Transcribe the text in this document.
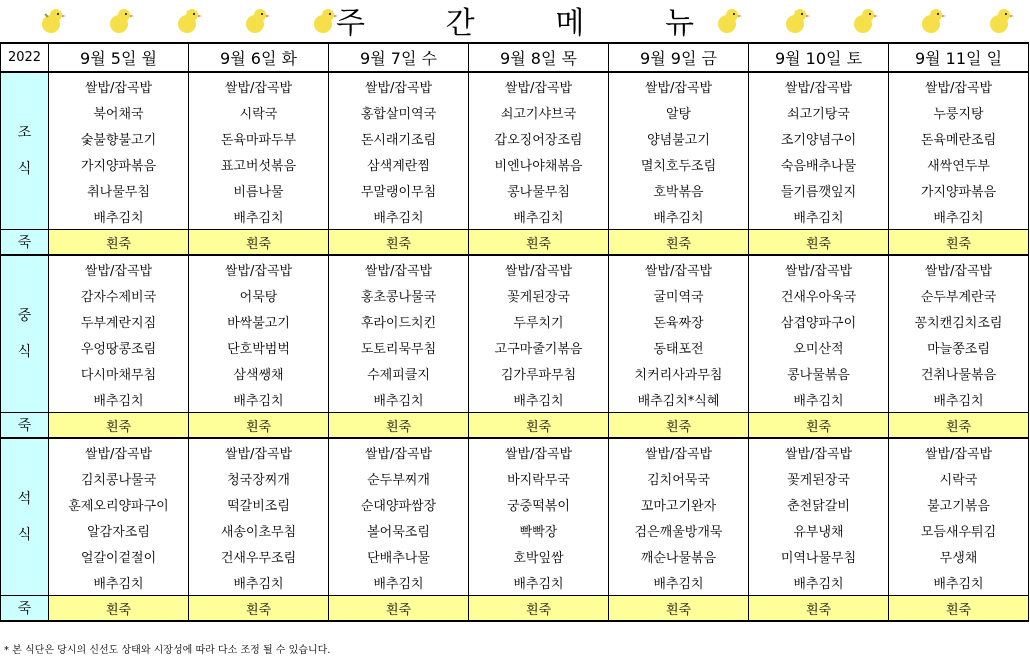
주	간	메	뉴
2022	9월 5일 월	9월 6일 화	9월 7일 수	9월 8일 목	9월 9일 금	9월 10일 토	9월 11일 일

조
식	쌀밥/잡곡밥	쌀밥/잡곡밥	쌀밥/잡곡밥	쌀밥/잡곡밥	쌀밥/잡곡밥	쌀밥/잡곡밥	쌀밥/잡곡밥
	북어채국	시락국	홍합살미역국	쇠고기샤브국	알탕	쇠고기탕국	누룽지탕
	숯불향불고기	돈육마파두부	돈시래기조림	갑오징어장조림	양념불고기	조기양념구이	돈육메란조림
	가지양파볶음	표고버섯볶음	삼색계란찜	비엔나야채볶음	멸치호두조림	숙음배추나물	새싹연두부
	취나물무침	비름나물	무말랭이무침	콩나물무침	호박볶음	들기름깻잎지	가지양파볶음
	배추김치	배추김치	배추김치	배추김치	배추김치	배추김치	배추김치
죽	흰죽	흰죽	흰죽	흰죽	흰죽	흰죽	흰죽

중
식	쌀밥/잡곡밥	쌀밥/잡곡밥	쌀밥/잡곡밥	쌀밥/잡곡밥	쌀밥/잡곡밥	쌀밥/잡곡밥	쌀밥/잡곡밥
	감자수제비국	어묵탕	홍초콩나물국	꽃게된장국	굴미역국	건새우아욱국	순두부계란국
	두부계란지짐	바싹불고기	후라이드치킨	두루치기	돈육짜장	삼겹양파구이	꽁치캔김치조림
	우엉땅콩조림	단호박범벅	도토리묵무침	고구마줄기볶음	동태포전	오미산적	마늘쫑조림
	다시마채무침	삼색쌩채	수제피클지	김가루파무침	치커리사과무침	콩나물볶음	건취나물볶음
	배추김치	배추김치	배추김치	배추김치	배추김치*식혜	배추김치	배추김치
죽	흰죽	흰죽	흰죽	흰죽	흰죽	흰죽	흰죽

석
식	쌀밥/잡곡밥	쌀밥/잡곡밥	쌀밥/잡곡밥	쌀밥/잡곡밥	쌀밥/잡곡밥	쌀밥/잡곡밥	쌀밥/잡곡밥
	김치콩나물국	청국장찌개	순두부찌개	바지락무국	김치어묵국	꽃게된장국	시락국
	훈제오리양파구이	떡갈비조림	순대양파쌈장	궁중떡볶이	꼬마고기완자	춘천닭갈비	불고기볶음
	알감자조림	새송이초무침	볼어묵조림	빡빡장	검은깨울방개묵	유부냉채	모듬새우튀김
	얼갈이겉절이	건새우무조림	단배추나물	호박잎쌈	깨순나물볶음	미역나물무침	무생채
	배추김치	배추김치	배추김치	배추김치	배추김치	배추김치	배추김치
죽	흰죽	흰죽	흰죽	흰죽	흰죽	흰죽	흰죽
* 본 식단은 당시의 신선도 상태와 시장성에 따라 다소 조정 될 수 있습니다.
